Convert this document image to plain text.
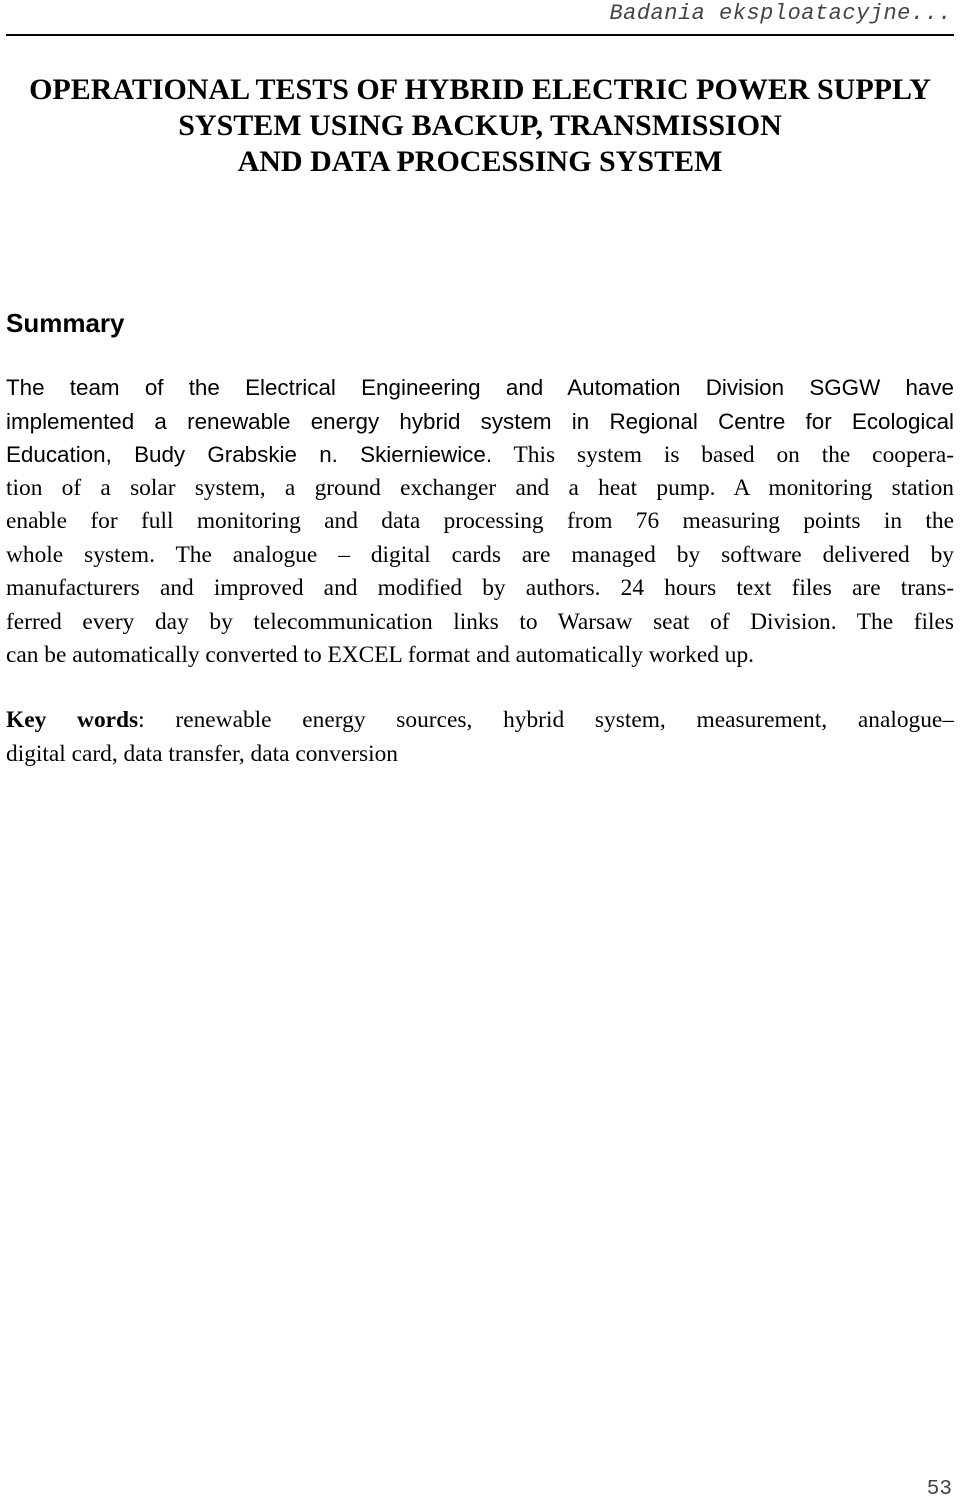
Badania eksploatacyjne...
OPERATIONAL TESTS OF HYBRID ELECTRIC POWER SUPPLY
SYSTEM USING BACKUP, TRANSMISSION
AND DATA PROCESSING SYSTEM
Summary
The team of the Electrical Engineering and Automation Division SGGW have
implemented a renewable energy hybrid system in Regional Centre for Ecological
Education, Budy Grabskie n. Skierniewice. This system is based on the coopera-
tion of a solar system, a ground exchanger and a heat pump. A monitoring station
enable for full monitoring and data processing from 76 measuring points in the
whole system. The analogue – digital cards are managed by software delivered by
manufacturers and improved and modified by authors. 24 hours text files are trans-
ferred every day by telecommunication links to Warsaw seat of Division. The files
can be automatically converted to EXCEL format and automatically worked up.
Key words: renewable energy sources, hybrid system, measurement, analogue–
digital card, data transfer, data conversion
53
